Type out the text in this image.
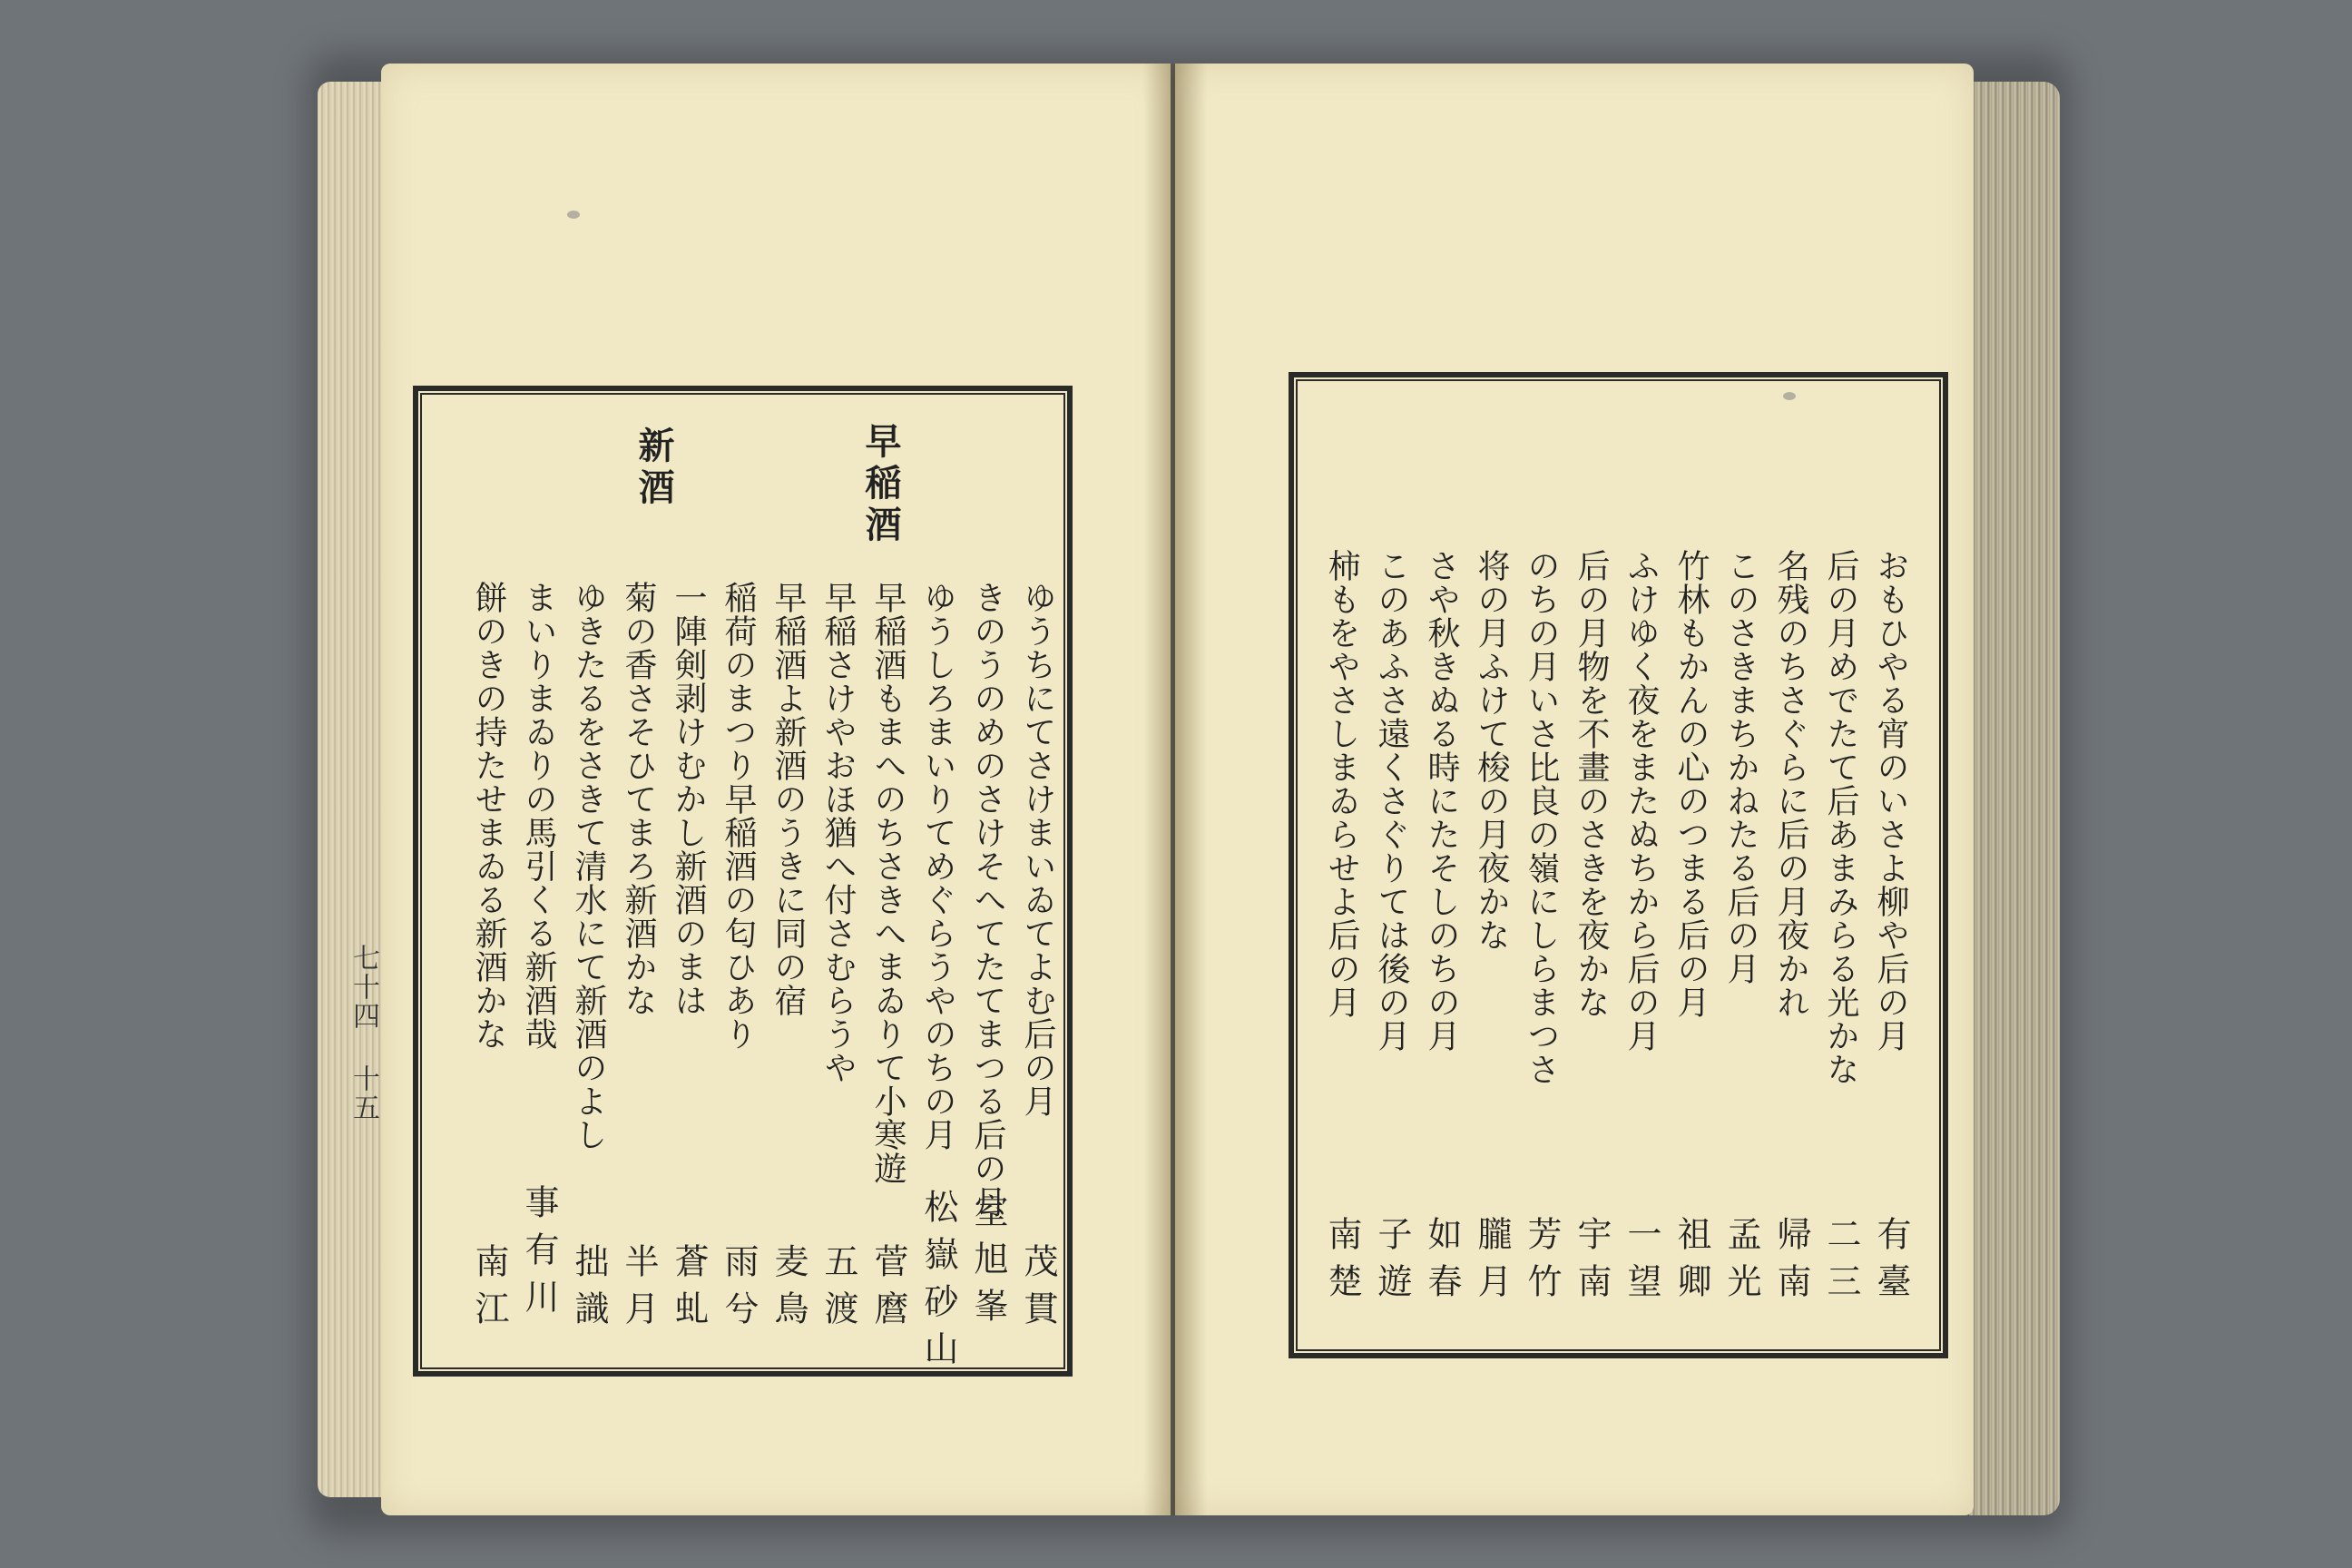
早稲酒
新酒
ゆうちにてさけまいゐてよむ后の月
きのうのめのさけそへてたてまつる后の月
ゆうしろまいりてめぐらうやのちの月
早稲酒もまへのちさきへまゐりて小寒遊
早稲さけやおほ猶へ付さむらうや
早稲酒よ新酒のうきに同の宿
稲荷のまつり早稲酒の匂ひあり
一陣剣剥けむかし新酒のまは
菊の香さそひてまろ新酒かな
ゆきたるをさきて清水にて新酒のよし
まいりまゐりの馬引くる新酒哉
餅のきの持たせまゐる新酒かな
茂貫
室旭峯
松嶽砂山
菅麿
五渡
麦鳥
雨兮
蒼虬
半月
拙識
事有川
南江
七十四 十五	おもひやる宵のいさよ柳や后の月
后の月めでたて后あまみらる光かな
名残のちさぐらに后の月夜かれ
このさきまちかねたる后の月
竹林もかんの心のつまる后の月
ふけゆく夜をまたぬちから后の月
后の月物を不畫のさきを夜かな
のちの月いさ比良の嶺にしらまつさ
将の月ふけて梭の月夜かな
さや秋きぬる時にたそしのちの月
このあふさ遠くさぐりては後の月
柿もをやさしまゐらせよ后の月
有臺
二三
帰南
孟光
祖卿
一望
宇南
芳竹
朧月
如春
子遊
南楚
